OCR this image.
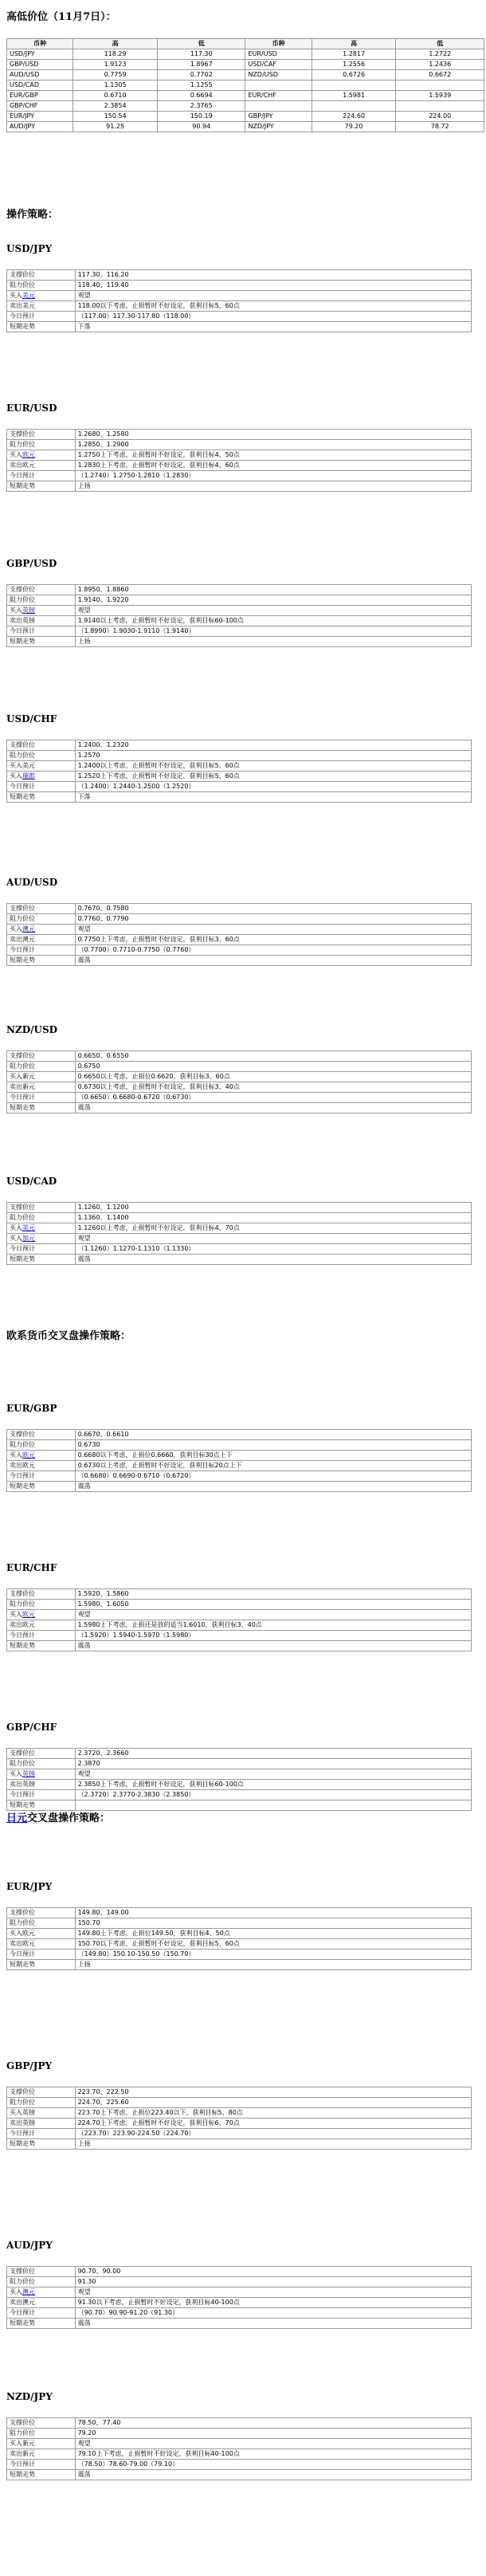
高低价位（11月7日）：
币种	高	低	币种	高	低
USD/JPY	118.29	117.30	EUR/USD	1.2817	1.2722
GBP/USD	1.9123	1.8967	USD/CAF	1.2556	1.2436
AUD/USD	0.7759	0.7702	NZD/USD	0.6726	0.6672
USD/CAD	1.1305	1.1255			
EUR/GBP	0.6710	0.6694	EUR/CHF	1.5981	1.5939
GBP/CHF	2.3854	2.3765			
EUR/JPY	150.54	150.19	GBP/JPY	224.60	224.00
AUD/JPY	91.25	90.94	NZD/JPY	79.20	78.72
操作策略：
欧系货币交叉盘操作策略：
日元交叉盘操作策略：
USD/JPY
支撑价位	117.30、116.20
阻力价位	118.40、119.40
买入美元	观望
卖出美元	118.00以下考虑，止损暂时不好设定，获利目标5、60点
今日预计	（117.00）117.30-117.80（118.00）
短期走势	下落
EUR/USD
支撑价位	1.2680、1.2580
阻力价位	1.2850、1.2900
买入欧元	1.2750上下考虑，止损暂时不好设定，获利目标4、50点
卖出欧元	1.2830上下考虑，止损暂时不好设定，获利目标4、60点
今日预计	（1.2740）1.2750-1.2810（1.2830）
短期走势	上扬
GBP/USD
支撑价位	1.8950、1.8860
阻力价位	1.9140、1.9220
买入英镑	观望
卖出英镑	1.9140以上考虑，止损暂时不好设定，获利目标60-100点
今日预计	（1.8990）1.9030-1.9110（1.9140）
短期走势	上扬
USD/CHF
支撑价位	1.2400、1.2320
阻力价位	1.2570
买入美元	1.2400以上考虑，止损暂时不好设定，获利目标5、60点
买入瑞郎	1.2520上下考虑，止损暂时不好设定，获利目标5、60点
今日预计	（1.2400）1.2440-1.2500（1.2520）
短期走势	下落
AUD/USD
支撑价位	0.7670、0.7580
阻力价位	0.7760、0.7790
买入澳元	观望
卖出澳元	0.7750上下考虑，止损暂时不好设定，获利目标3、60点
今日预计	（0.7700）0.7710-0.7750（0.7760）
短期走势	震荡
NZD/USD
支撑价位	0.6650、0.6550
阻力价位	0.6750
买入新元	0.6650以上考虑，止损位0.6620，获利目标3、60点
卖出新元	0.6730以上考虑，止损暂时不好设定，获利目标3、40点
今日预计	（0.6650）0.6680-0.6720（0.6730）
短期走势	震荡
USD/CAD
支撑价位	1.1260、1.1200
阻力价位	1.1360、1.1400
买入美元	1.1260以上考虑，止损暂时不好设定，获利目标4、70点
买入加元	观望
今日预计	（1.1260）1.1270-1.1310（1.1330）
短期走势	震荡
EUR/GBP
支撑价位	0.6670、0.6610
阻力价位	0.6730
买入欧元	0.6680以下考虑，止损位0.6660，获利目标30点上下
卖出欧元	0.6730以上考虑，止损暂时不好设定，获利目标20点上下
今日预计	（0.6680）0.6690-0.6710（0.6720）
短期走势	震荡
EUR/CHF
支撑价位	1.5920、1.5860
阻力价位	1.5980、1.6050
买入欧元	观望
卖出欧元	1.5980上下考虑，止损还是放的适当1.6010，获利目标3、40点
今日预计	（1.5920）1.5940-1.5970（1.5980）
短期走势	震荡
GBP/CHF
支撑价位	2.3720、2.3660
阻力价位	2.3870
买入英镑	观望
卖出英镑	2.3850上下考虑，止损暂时不好设定，获利目标60-100点
今日预计	（2.3720）2.3770-2.3830（2.3850）
短期走势	
EUR/JPY
支撑价位	149.80、149.00
阻力价位	150.70
买入欧元	149.80上下考虑，止损位149.50，获利目标4、50点
卖出欧元	150.70以下考虑，止损暂时不好设定，获利目标5、60点
今日预计	（149.80）150.10-150.50（150.70）
短期走势	上扬
GBP/JPY
支撑价位	223.70、222.50
阻力价位	224.70、225.60
买入英镑	223.70上下考虑，止损位223.40以下，获利目标5、80点
卖出英镑	224.70上下考虑，止损暂时不好设定，获利目标6、70点
今日预计	（223.70）223.90-224.50（224.70）
短期走势	上扬
AUD/JPY
支撑价位	90.70、90.00
阻力价位	91.30
买入澳元	观望
卖出澳元	91.30以下考虑，止损暂时不好设定，获利目标40-100点
今日预计	（90.70）90.90-91.20（91.30）
短期走势	震荡
NZD/JPY
支撑价位	78.50、77.40
阻力价位	79.20
买入新元	观望
卖出新元	79.10上下考虑，止损暂时不好设定，获利目标40-100点
今日预计	（78.50）78.60-79.00（79.10）
短期走势	震荡
